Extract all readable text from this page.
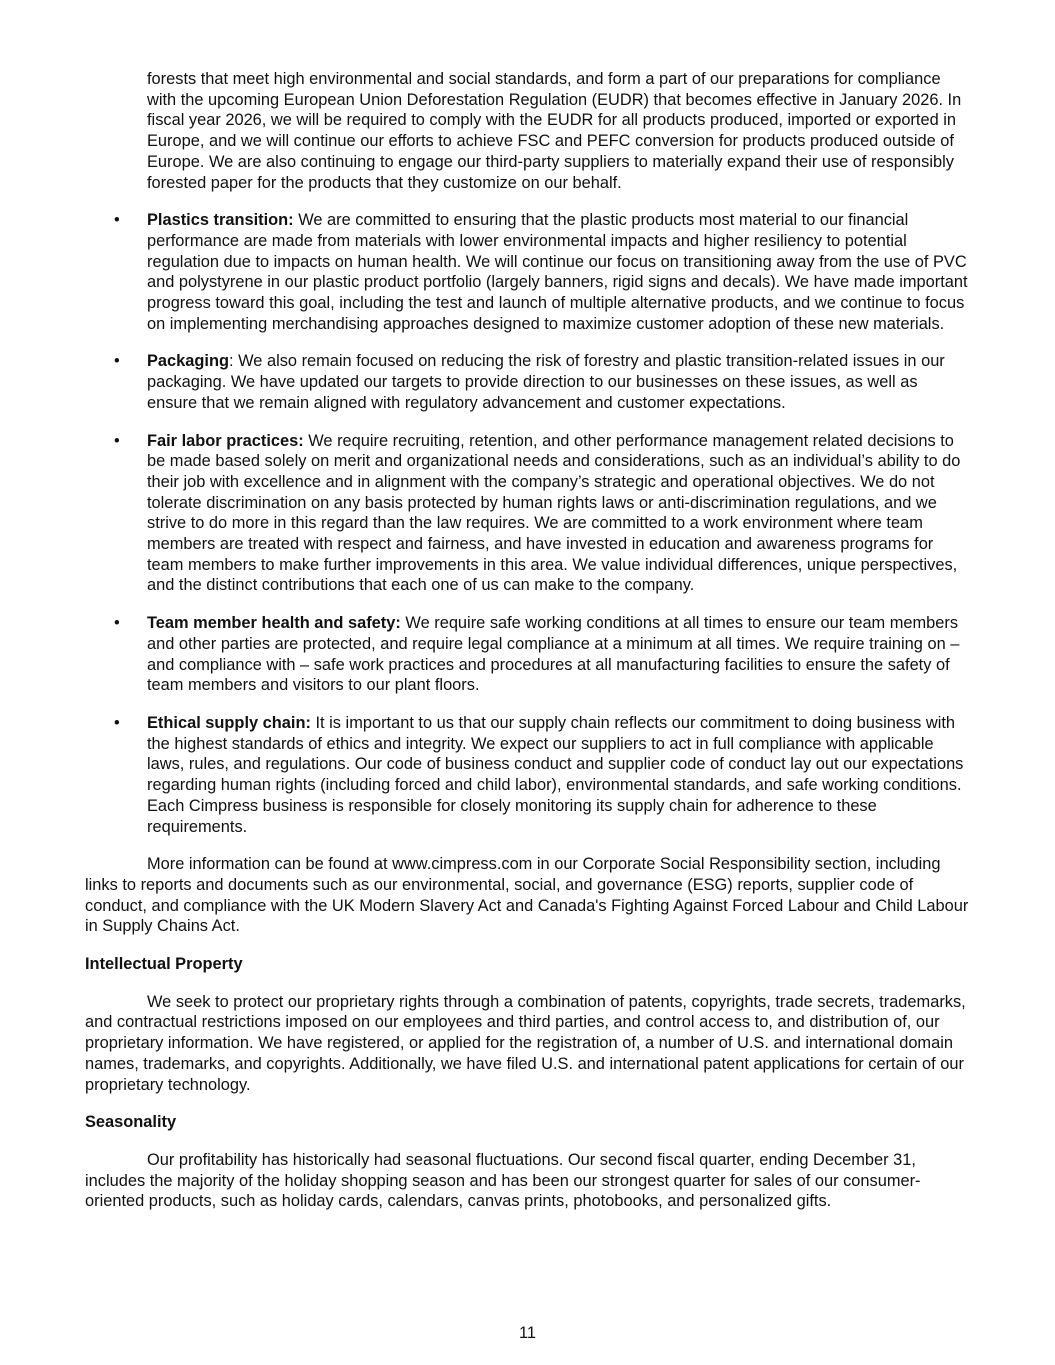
forests that meet high environmental and social standards, and form a part of our preparations for compliance with the upcoming European Union Deforestation Regulation (EUDR) that becomes effective in January 2026. In fiscal year 2026, we will be required to comply with the EUDR for all products produced, imported or exported in Europe, and we will continue our efforts to achieve FSC and PEFC conversion for products produced outside of Europe. We are also continuing to engage our third-party suppliers to materially expand their use of responsibly forested paper for the products that they customize on our behalf.

• Plastics transition: We are committed to ensuring that the plastic products most material to our financial performance are made from materials with lower environmental impacts and higher resiliency to potential regulation due to impacts on human health. We will continue our focus on transitioning away from the use of PVC and polystyrene in our plastic product portfolio (largely banners, rigid signs and decals). We have made important progress toward this goal, including the test and launch of multiple alternative products, and we continue to focus on implementing merchandising approaches designed to maximize customer adoption of these new materials.
• Packaging: We also remain focused on reducing the risk of forestry and plastic transition-related issues in our packaging. We have updated our targets to provide direction to our businesses on these issues, as well as ensure that we remain aligned with regulatory advancement and customer expectations.
• Fair labor practices: We require recruiting, retention, and other performance management related decisions to be made based solely on merit and organizational needs and considerations, such as an individual’s ability to do their job with excellence and in alignment with the company’s strategic and operational objectives. We do not tolerate discrimination on any basis protected by human rights laws or anti-discrimination regulations, and we strive to do more in this regard than the law requires. We are committed to a work environment where team members are treated with respect and fairness, and have invested in education and awareness programs for team members to make further improvements in this area. We value individual differences, unique perspectives, and the distinct contributions that each one of us can make to the company.
• Team member health and safety: We require safe working conditions at all times to ensure our team members and other parties are protected, and require legal compliance at a minimum at all times. We require training on – and compliance with – safe work practices and procedures at all manufacturing facilities to ensure the safety of team members and visitors to our plant floors.
• Ethical supply chain: It is important to us that our supply chain reflects our commitment to doing business with the highest standards of ethics and integrity. We expect our suppliers to act in full compliance with applicable laws, rules, and regulations. Our code of business conduct and supplier code of conduct lay out our expectations regarding human rights (including forced and child labor), environmental standards, and safe working conditions. Each Cimpress business is responsible for closely monitoring its supply chain for adherence to these requirements.

More information can be found at www.cimpress.com in our Corporate Social Responsibility section, including links to reports and documents such as our environmental, social, and governance (ESG) reports, supplier code of conduct, and compliance with the UK Modern Slavery Act and Canada's Fighting Against Forced Labour and Child Labour in Supply Chains Act.

Intellectual Property

We seek to protect our proprietary rights through a combination of patents, copyrights, trade secrets, trademarks, and contractual restrictions imposed on our employees and third parties, and control access to, and distribution of, our proprietary information. We have registered, or applied for the registration of, a number of U.S. and international domain names, trademarks, and copyrights. Additionally, we have filed U.S. and international patent applications for certain of our proprietary technology.

Seasonality

Our profitability has historically had seasonal fluctuations. Our second fiscal quarter, ending December 31, includes the majority of the holiday shopping season and has been our strongest quarter for sales of our consumer-oriented products, such as holiday cards, calendars, canvas prints, photobooks, and personalized gifts.

11
